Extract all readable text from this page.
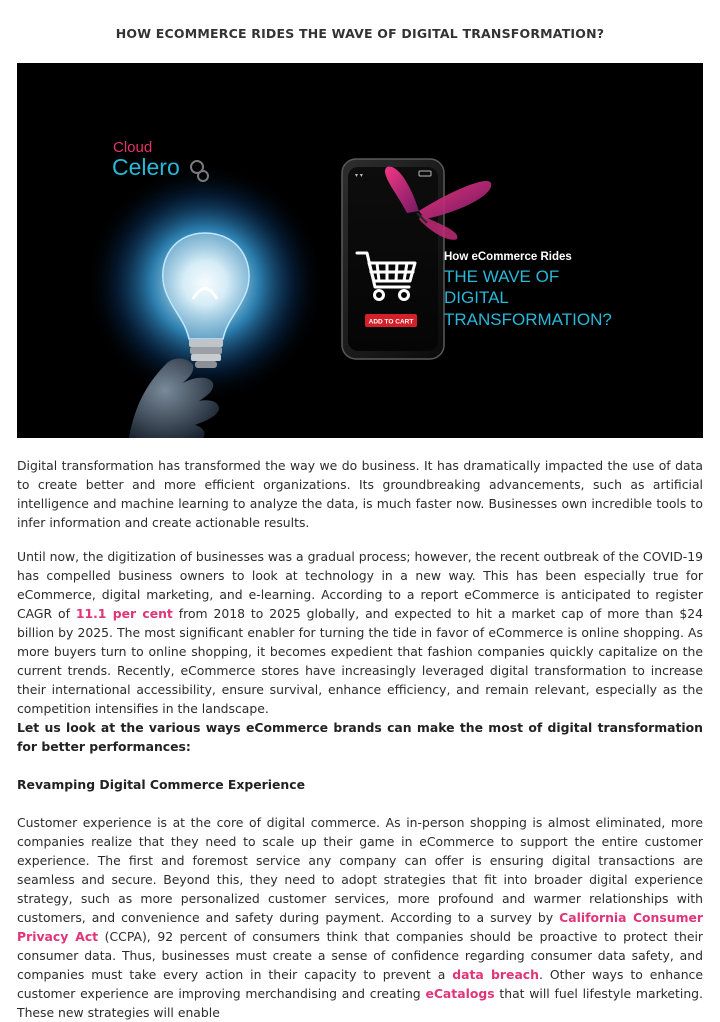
HOW ECOMMERCE RIDES THE WAVE OF DIGITAL TRANSFORMATION?
Cloud
Celero	▾ ▾
ADD TO CART
How eCommerce Rides
THE WAVE OF
DIGITAL
TRANSFORMATION?

Digital transformation has transformed the way we do business. It has dramatically impacted the use of data to create better and more efficient organizations. Its groundbreaking advancements, such as artificial intelligence and machine learning to analyze the data, is much faster now. Businesses own incredible tools to infer information and create actionable results.

Until now, the digitization of businesses was a gradual process; however, the recent outbreak of the COVID-19 has compelled business owners to look at technology in a new way. This has been especially true for eCommerce, digital marketing, and e-learning. According to a report eCommerce is anticipated to register CAGR of 11.1 per cent from 2018 to 2025 globally, and expected to hit a market cap of more than $24 billion by 2025. The most significant enabler for turning the tide in favor of eCommerce is online shopping. As more buyers turn to online shopping, it becomes expedient that fashion companies quickly capitalize on the current trends. Recently, eCommerce stores have increasingly leveraged digital transformation to increase their international accessibility, ensure survival, enhance efficiency, and remain relevant, especially as the competition intensifies in the landscape.

Let us look at the various ways eCommerce brands can make the most of digital transformation for better performances:

Revamping Digital Commerce Experience

Customer experience is at the core of digital commerce. As in-person shopping is almost eliminated, more companies realize that they need to scale up their game in eCommerce to support the entire customer experience. The first and foremost service any company can offer is ensuring digital transactions are seamless and secure. Beyond this, they need to adopt strategies that fit into broader digital experience strategy, such as more personalized customer services, more profound and warmer relationships with customers, and convenience and safety during payment. According to a survey by California Consumer Privacy Act (CCPA), 92 percent of consumers think that companies should be proactive to protect their consumer data. Thus, businesses must create a sense of confidence regarding consumer data safety, and companies must take every action in their capacity to prevent a data breach. Other ways to enhance customer experience are improving merchandising and creating eCatalogs that will fuel lifestyle marketing. These new strategies will enable
